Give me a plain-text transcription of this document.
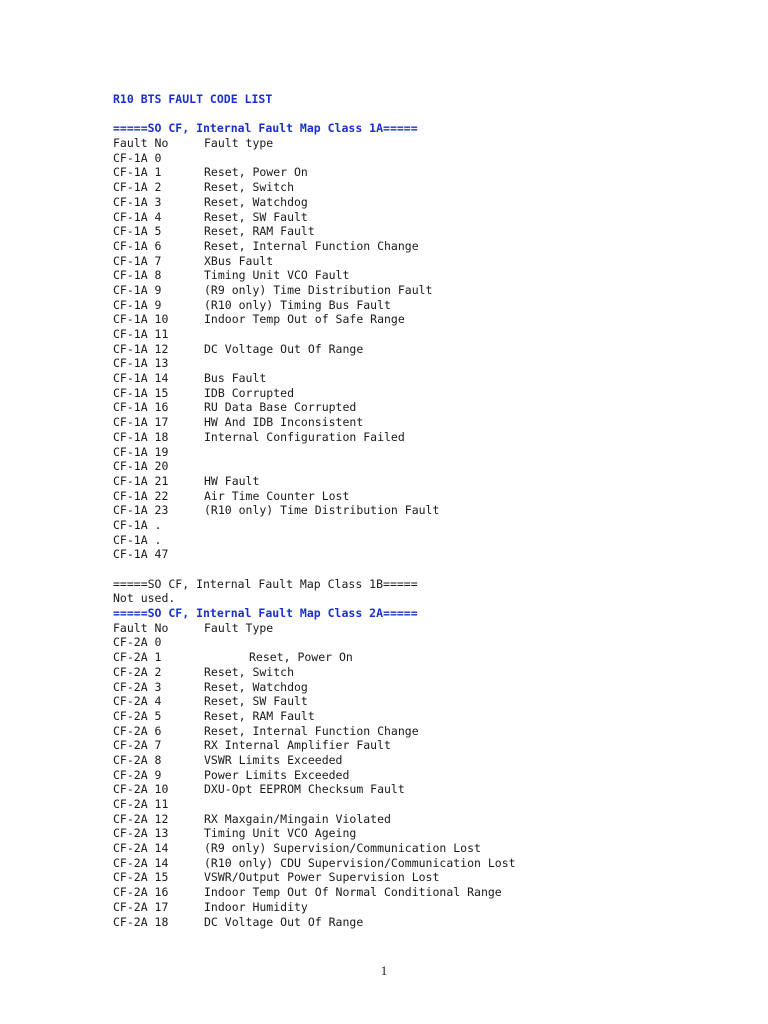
R10 BTS FAULT CODE LIST
=====SO CF, Internal Fault Map Class 1A=====
Fault No	Fault type
CF-1A 0
CF-1A 1	Reset, Power On
CF-1A 2	Reset, Switch
CF-1A 3	Reset, Watchdog
CF-1A 4	Reset, SW Fault
CF-1A 5	Reset, RAM Fault
CF-1A 6	Reset, Internal Function Change
CF-1A 7	XBus Fault
CF-1A 8	Timing Unit VCO Fault
CF-1A 9	(R9 only) Time Distribution Fault
CF-1A 9	(R10 only) Timing Bus Fault
CF-1A 10	Indoor Temp Out of Safe Range
CF-1A 11
CF-1A 12	DC Voltage Out Of Range
CF-1A 13
CF-1A 14	Bus Fault
CF-1A 15	IDB Corrupted
CF-1A 16	RU Data Base Corrupted
CF-1A 17	HW And IDB Inconsistent
CF-1A 18	Internal Configuration Failed
CF-1A 19
CF-1A 20
CF-1A 21	HW Fault
CF-1A 22	Air Time Counter Lost
CF-1A 23	(R10 only) Time Distribution Fault
CF-1A .
CF-1A .
CF-1A 47
=====SO CF, Internal Fault Map Class 1B=====
Not used.
=====SO CF, Internal Fault Map Class 2A=====
Fault No	Fault Type
CF-2A 0
CF-2A 1	Reset, Power On
CF-2A 2	Reset, Switch
CF-2A 3	Reset, Watchdog
CF-2A 4	Reset, SW Fault
CF-2A 5	Reset, RAM Fault
CF-2A 6	Reset, Internal Function Change
CF-2A 7	RX Internal Amplifier Fault
CF-2A 8	VSWR Limits Exceeded
CF-2A 9	Power Limits Exceeded
CF-2A 10	DXU-Opt EEPROM Checksum Fault
CF-2A 11
CF-2A 12	RX Maxgain/Mingain Violated
CF-2A 13	Timing Unit VCO Ageing
CF-2A 14	(R9 only) Supervision/Communication Lost
CF-2A 14	(R10 only) CDU Supervision/Communication Lost
CF-2A 15	VSWR/Output Power Supervision Lost
CF-2A 16	Indoor Temp Out Of Normal Conditional Range
CF-2A 17	Indoor Humidity
CF-2A 18	DC Voltage Out Of Range
1
